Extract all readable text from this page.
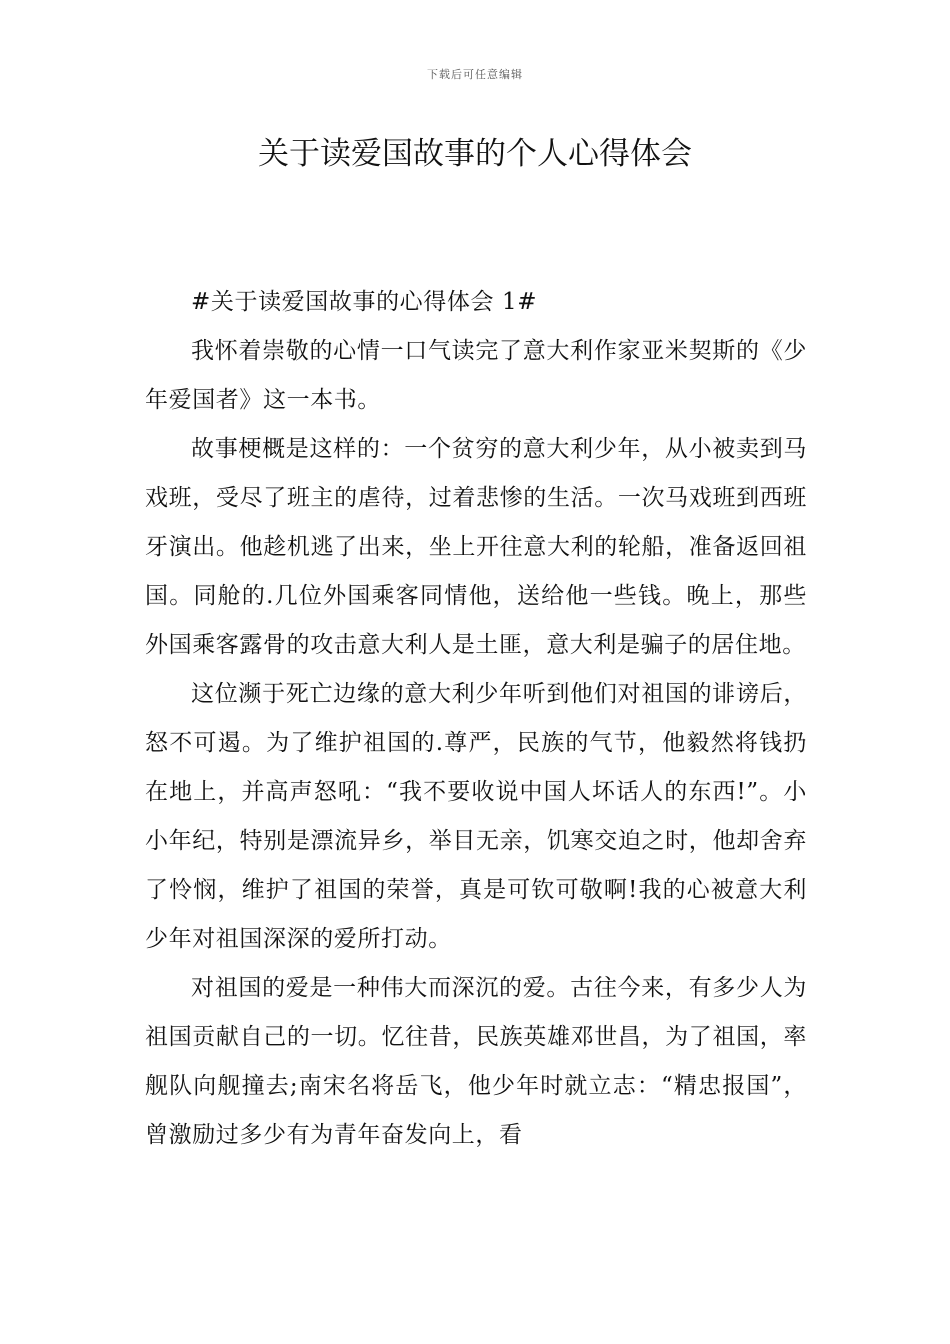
下载后可任意编辑
关于读爱国故事的个人心得体会

#关于读爱国故事的心得体会 1#

我怀着崇敬的心情一口气读完了意大利作家亚米契斯的《少年爱国者》这一本书。

故事梗概是这样的：一个贫穷的意大利少年，从小被卖到马戏班，受尽了班主的虐待，过着悲惨的生活。一次马戏班到西班牙演出。他趁机逃了出来，坐上开往意大利的轮船，准备返回祖国。同舱的.几位外国乘客同情他，送给他一些钱。晚上，那些外国乘客露骨的攻击意大利人是土匪，意大利是骗子的居住地。

这位濒于死亡边缘的意大利少年听到他们对祖国的诽谤后，怒不可遏。为了维护祖国的.尊严，民族的气节，他毅然将钱扔在地上，并高声怒吼：“我不要收说中国人坏话人的东西!”。小小年纪，特别是漂流异乡，举目无亲，饥寒交迫之时，他却舍弃了怜悯，维护了祖国的荣誉，真是可钦可敬啊!我的心被意大利少年对祖国深深的爱所打动。

对祖国的爱是一种伟大而深沉的爱。古往今来，有多少人为祖国贡献自己的一切。忆往昔，民族英雄邓世昌，为了祖国，率舰队向舰撞去;南宋名将岳飞，他少年时就立志：“精忠报国”，曾激励过多少有为青年奋发向上，看
